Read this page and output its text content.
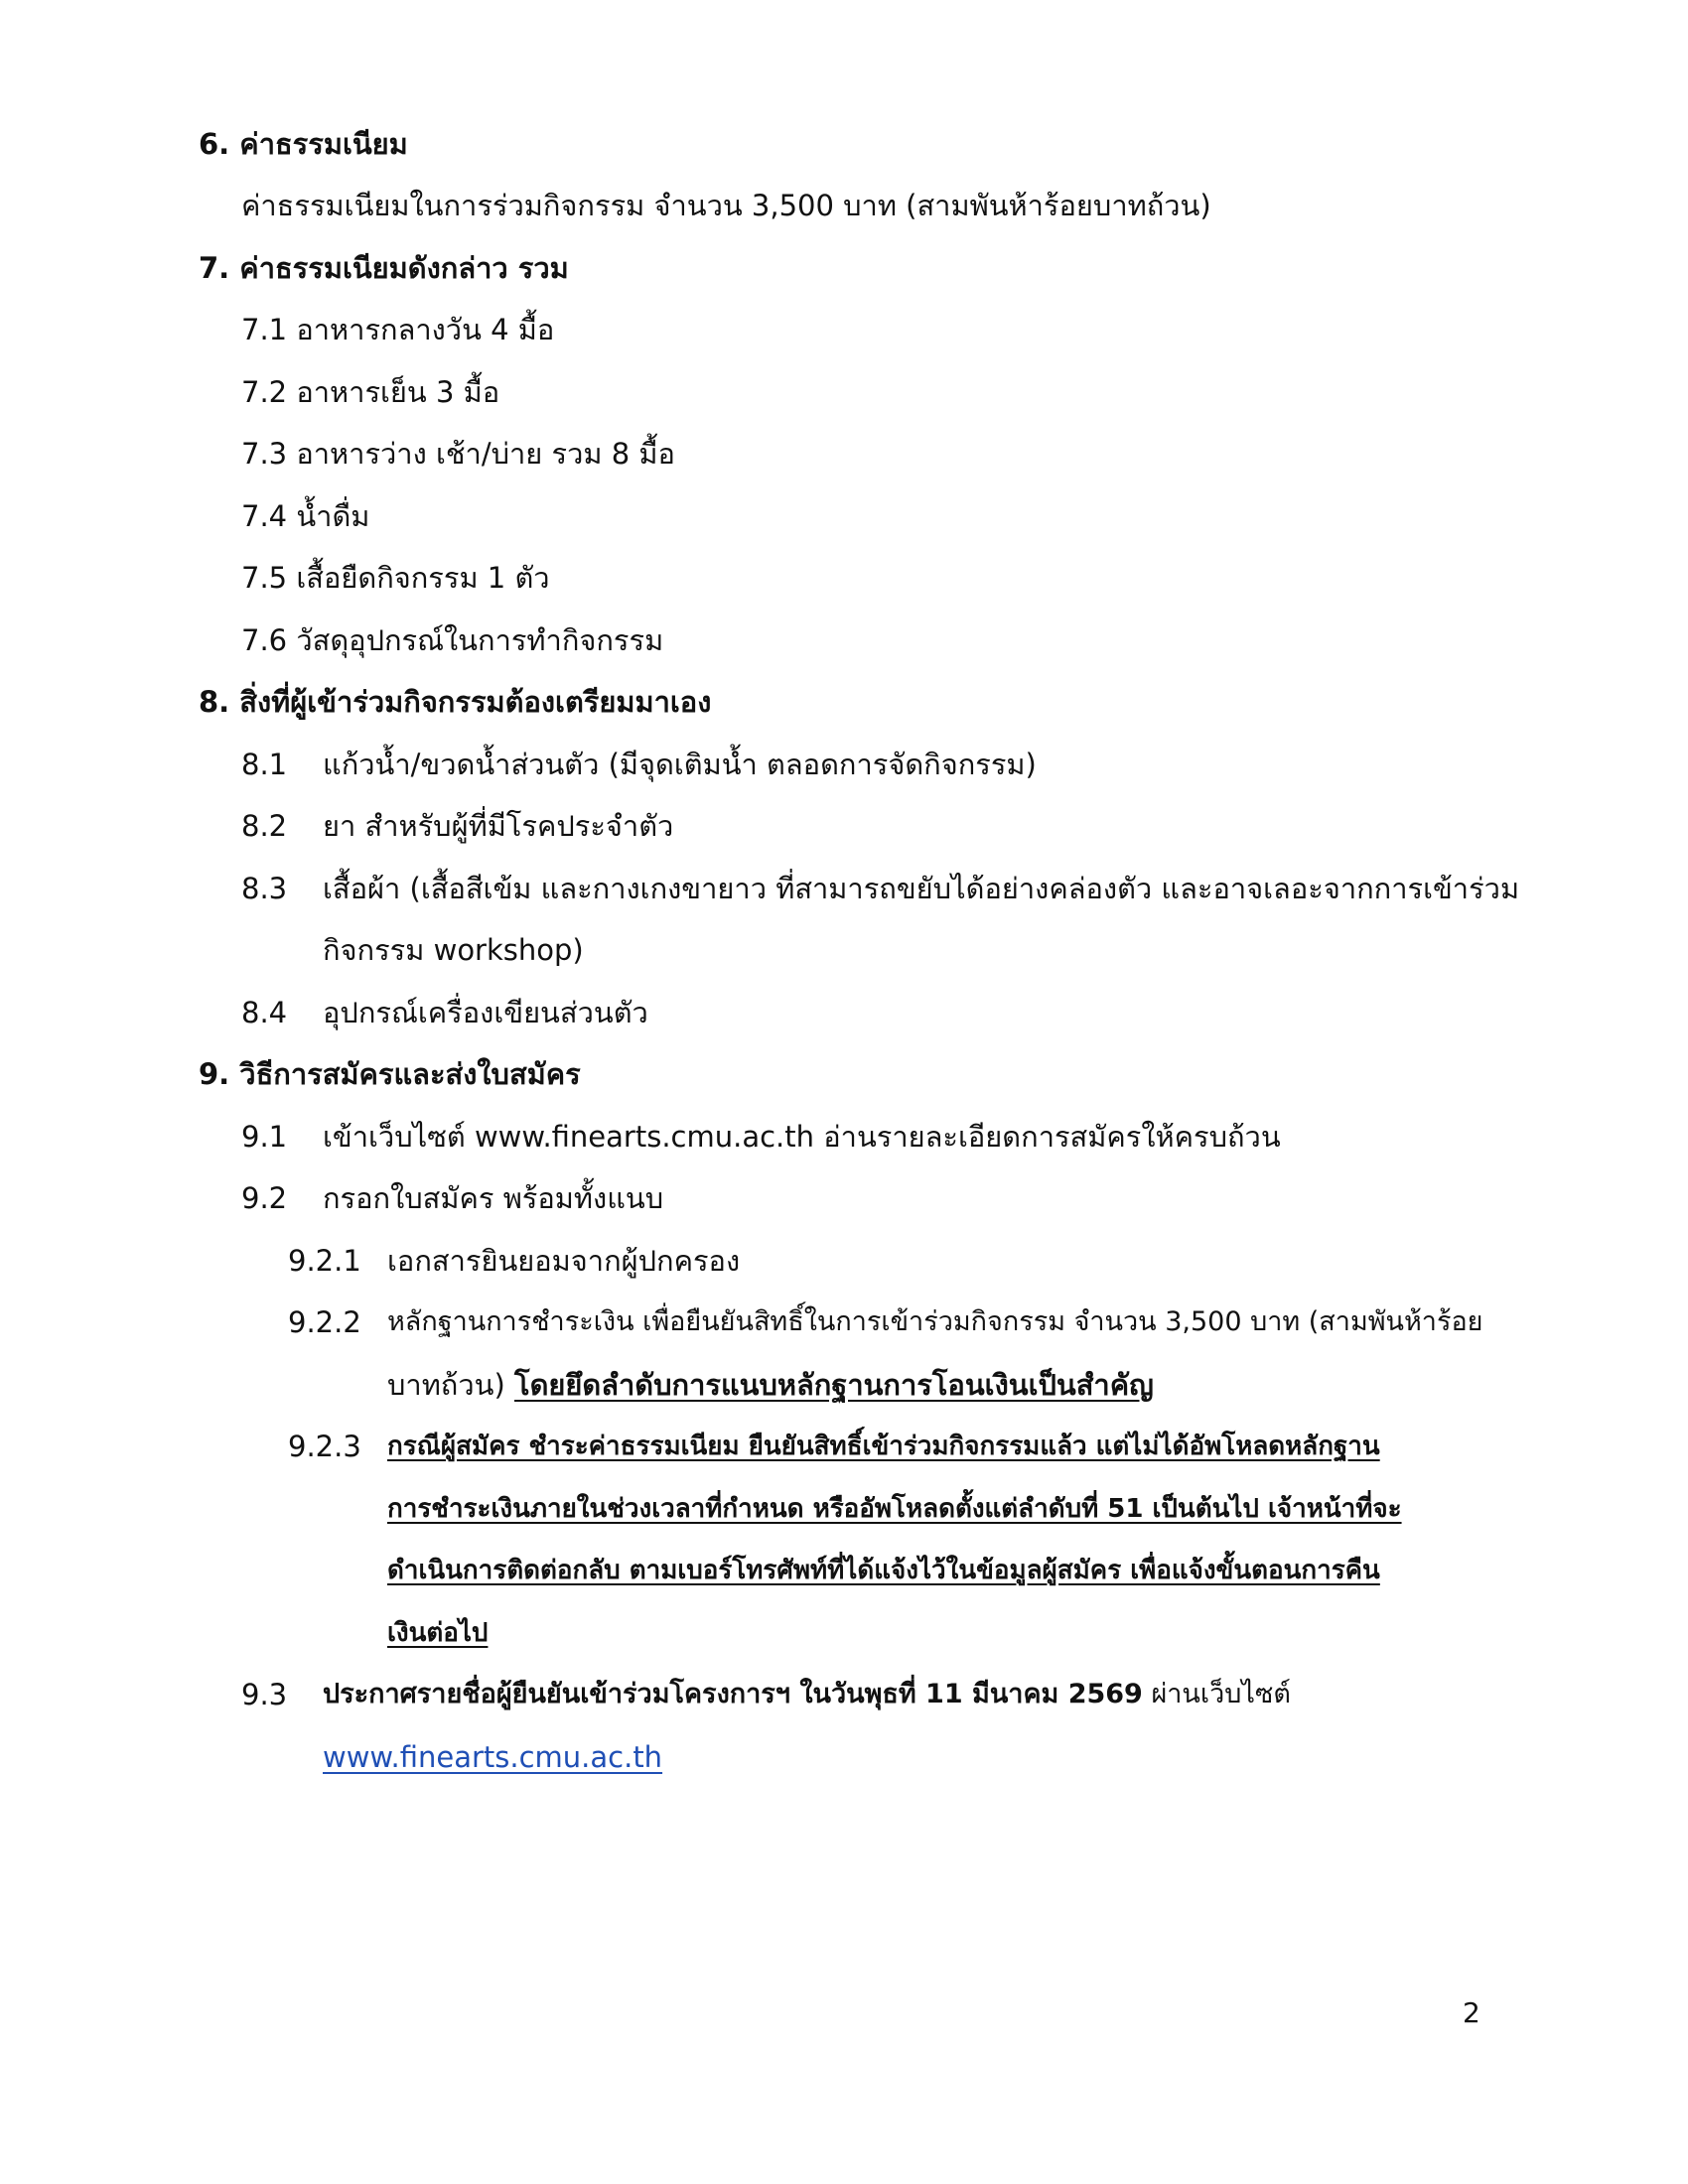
6. ค่าธรรมเนียม
ค่าธรรมเนียมในการร่วมกิจกรรม จำนวน 3,500 บาท (สามพันห้าร้อยบาทถ้วน)
7. ค่าธรรมเนียมดังกล่าว รวม
7.1 อาหารกลางวัน 4 มื้อ
7.2 อาหารเย็น 3 มื้อ
7.3 อาหารว่าง เช้า/บ่าย รวม 8 มื้อ
7.4 น้ำดื่ม
7.5 เสื้อยืดกิจกรรม 1 ตัว
7.6 วัสดุอุปกรณ์ในการทำกิจกรรม
8. สิ่งที่ผู้เข้าร่วมกิจกรรมต้องเตรียมมาเอง
8.1 แก้วน้ำ/ขวดน้ำส่วนตัว (มีจุดเติมน้ำ ตลอดการจัดกิจกรรม)
8.2 ยา สำหรับผู้ที่มีโรคประจำตัว
8.3 เสื้อผ้า (เสื้อสีเข้ม และกางเกงขายาว ที่สามารถขยับได้อย่างคล่องตัว และอาจเลอะจากการเข้าร่วม
กิจกรรม workshop)
8.4 อุปกรณ์เครื่องเขียนส่วนตัว
9. วิธีการสมัครและส่งใบสมัคร
9.1 เข้าเว็บไซต์ www.finearts.cmu.ac.th อ่านรายละเอียดการสมัครให้ครบถ้วน
9.2 กรอกใบสมัคร พร้อมทั้งแนบ
9.2.1 เอกสารยินยอมจากผู้ปกครอง
9.2.2 หลักฐานการชำระเงิน เพื่อยืนยันสิทธิ์ในการเข้าร่วมกิจกรรม จำนวน 3,500 บาท (สามพันห้าร้อย
บาทถ้วน) โดยยึดลำดับการแนบหลักฐานการโอนเงินเป็นสำคัญ
9.2.3 กรณีผู้สมัคร ชำระค่าธรรมเนียม ยืนยันสิทธิ์เข้าร่วมกิจกรรมแล้ว แต่ไม่ได้อัพโหลดหลักฐาน
การชำระเงินภายในช่วงเวลาที่กำหนด หรืออัพโหลดตั้งแต่ลำดับที่ 51 เป็นต้นไป เจ้าหน้าที่จะ
ดำเนินการติดต่อกลับ ตามเบอร์โทรศัพท์ที่ได้แจ้งไว้ในข้อมูลผู้สมัคร เพื่อแจ้งขั้นตอนการคืน
เงินต่อไป
9.3 ประกาศรายชื่อผู้ยืนยันเข้าร่วมโครงการฯ ในวันพุธที่ 11 มีนาคม 2569 ผ่านเว็บไซต์
www.finearts.cmu.ac.th
2
